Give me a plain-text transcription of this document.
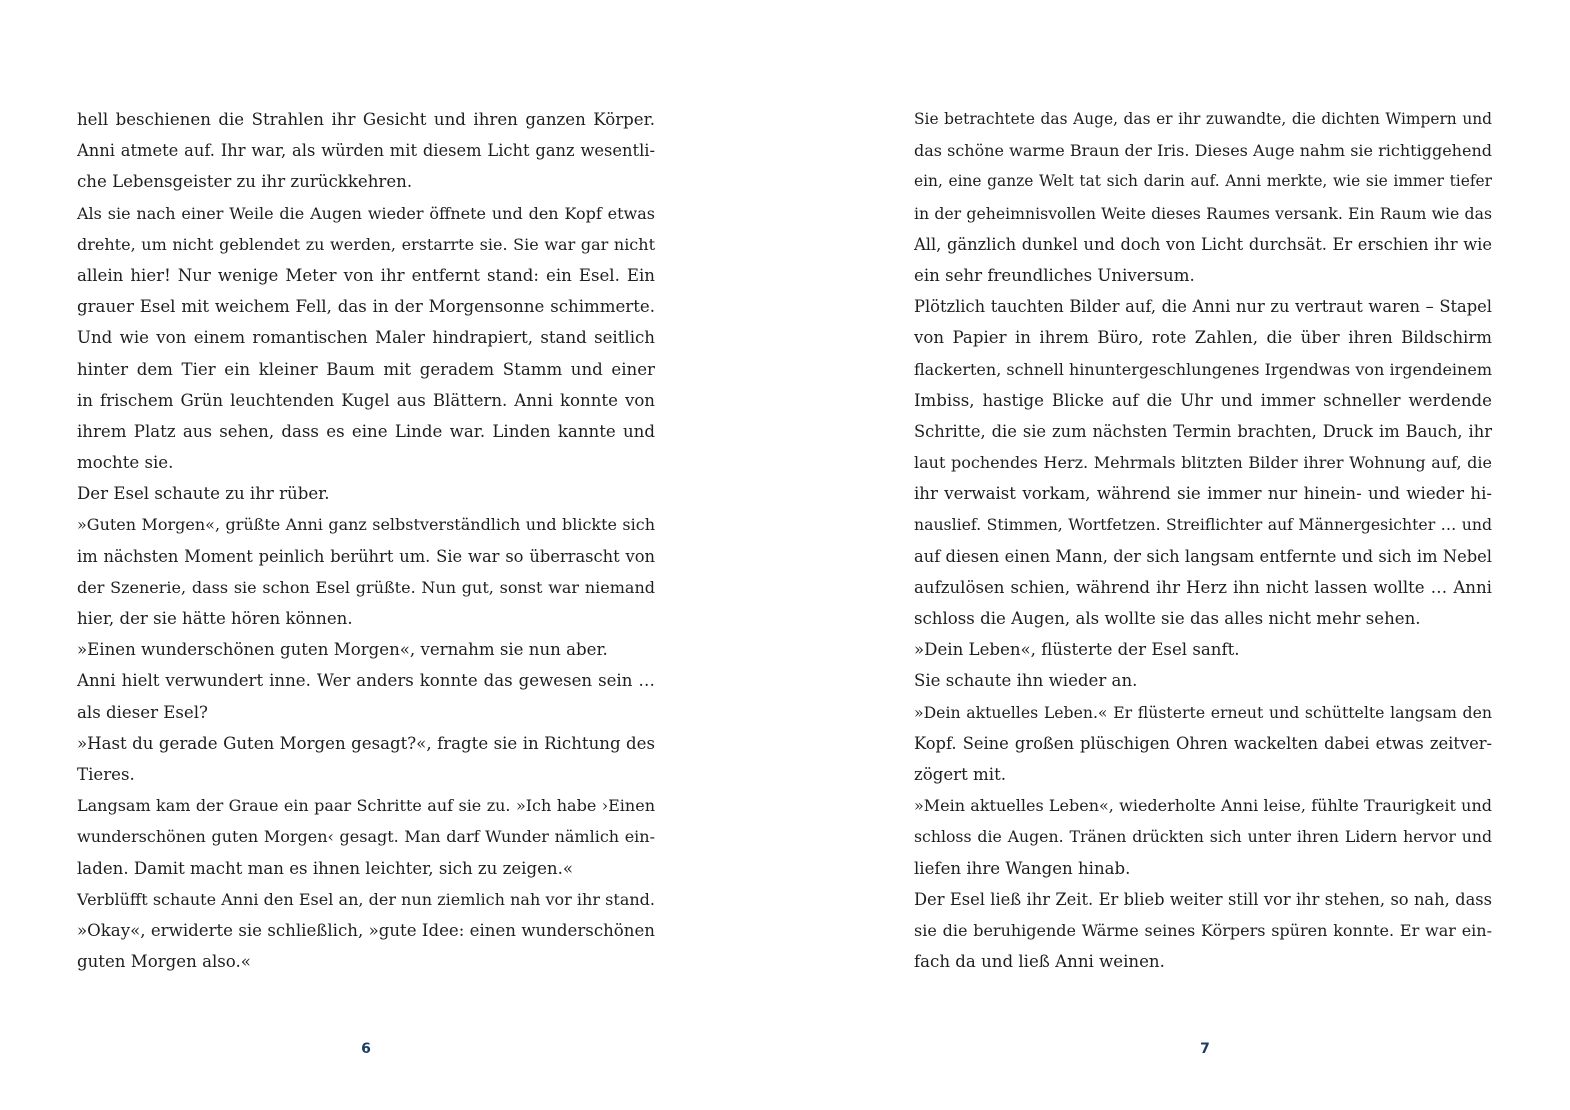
hell beschienen die Strahlen ihr Gesicht und ihren ganzen Körper.
Anni atmete auf. Ihr war, als würden mit diesem Licht ganz wesentli-
che Lebensgeister zu ihr zurückkehren.
Als sie nach einer Weile die Augen wieder öffnete und den Kopf etwas
drehte, um nicht geblendet zu werden, erstarrte sie. Sie war gar nicht
allein hier! Nur wenige Meter von ihr entfernt stand: ein Esel. Ein
grauer Esel mit weichem Fell, das in der Morgensonne schimmerte.
Und wie von einem romantischen Maler hindrapiert, stand seitlich
hinter dem Tier ein kleiner Baum mit geradem Stamm und einer
in frischem Grün leuchtenden Kugel aus Blättern. Anni konnte von
ihrem Platz aus sehen, dass es eine Linde war. Linden kannte und
mochte sie.
Der Esel schaute zu ihr rüber.
»Guten Morgen«, grüßte Anni ganz selbstverständlich und blickte sich
im nächsten Moment peinlich berührt um. Sie war so überrascht von
der Szenerie, dass sie schon Esel grüßte. Nun gut, sonst war niemand
hier, der sie hätte hören können.
»Einen wunderschönen guten Morgen«, vernahm sie nun aber.
Anni hielt verwundert inne. Wer anders konnte das gewesen sein …
als dieser Esel?
»Hast du gerade Guten Morgen gesagt?«, fragte sie in Richtung des
Tieres.
Langsam kam der Graue ein paar Schritte auf sie zu. »Ich habe ›Einen
wunderschönen guten Morgen‹ gesagt. Man darf Wunder nämlich ein-
laden. Damit macht man es ihnen leichter, sich zu zeigen.«
Verblüfft schaute Anni den Esel an, der nun ziemlich nah vor ihr stand.
»Okay«, erwiderte sie schließlich, »gute Idee: einen wunderschönen
guten Morgen also.«
Sie betrachtete das Auge, das er ihr zuwandte, die dichten Wimpern und
das schöne warme Braun der Iris. Dieses Auge nahm sie richtiggehend
ein, eine ganze Welt tat sich darin auf. Anni merkte, wie sie immer tiefer
in der geheimnisvollen Weite dieses Raumes versank. Ein Raum wie das
All, gänzlich dunkel und doch von Licht durchsät. Er erschien ihr wie
ein sehr freundliches Universum.
Plötzlich tauchten Bilder auf, die Anni nur zu vertraut waren – Stapel
von Papier in ihrem Büro, rote Zahlen, die über ihren Bildschirm
flackerten, schnell hinuntergeschlungenes Irgendwas von irgendeinem
Imbiss, hastige Blicke auf die Uhr und immer schneller werdende
Schritte, die sie zum nächsten Termin brachten, Druck im Bauch, ihr
laut pochendes Herz. Mehrmals blitzten Bilder ihrer Wohnung auf, die
ihr verwaist vorkam, während sie immer nur hinein- und wieder hi-
nauslief. Stimmen, Wortfetzen. Streiflichter auf Männergesichter … und
auf diesen einen Mann, der sich langsam entfernte und sich im Nebel
aufzulösen schien, während ihr Herz ihn nicht lassen wollte … Anni
schloss die Augen, als wollte sie das alles nicht mehr sehen.
»Dein Leben«, flüsterte der Esel sanft.
Sie schaute ihn wieder an.
»Dein aktuelles Leben.« Er flüsterte erneut und schüttelte langsam den
Kopf. Seine großen plüschigen Ohren wackelten dabei etwas zeitver-
zögert mit.
»Mein aktuelles Leben«, wiederholte Anni leise, fühlte Traurigkeit und
schloss die Augen. Tränen drückten sich unter ihren Lidern hervor und
liefen ihre Wangen hinab.
Der Esel ließ ihr Zeit. Er blieb weiter still vor ihr stehen, so nah, dass
sie die beruhigende Wärme seines Körpers spüren konnte. Er war ein-
fach da und ließ Anni weinen.
6	7
